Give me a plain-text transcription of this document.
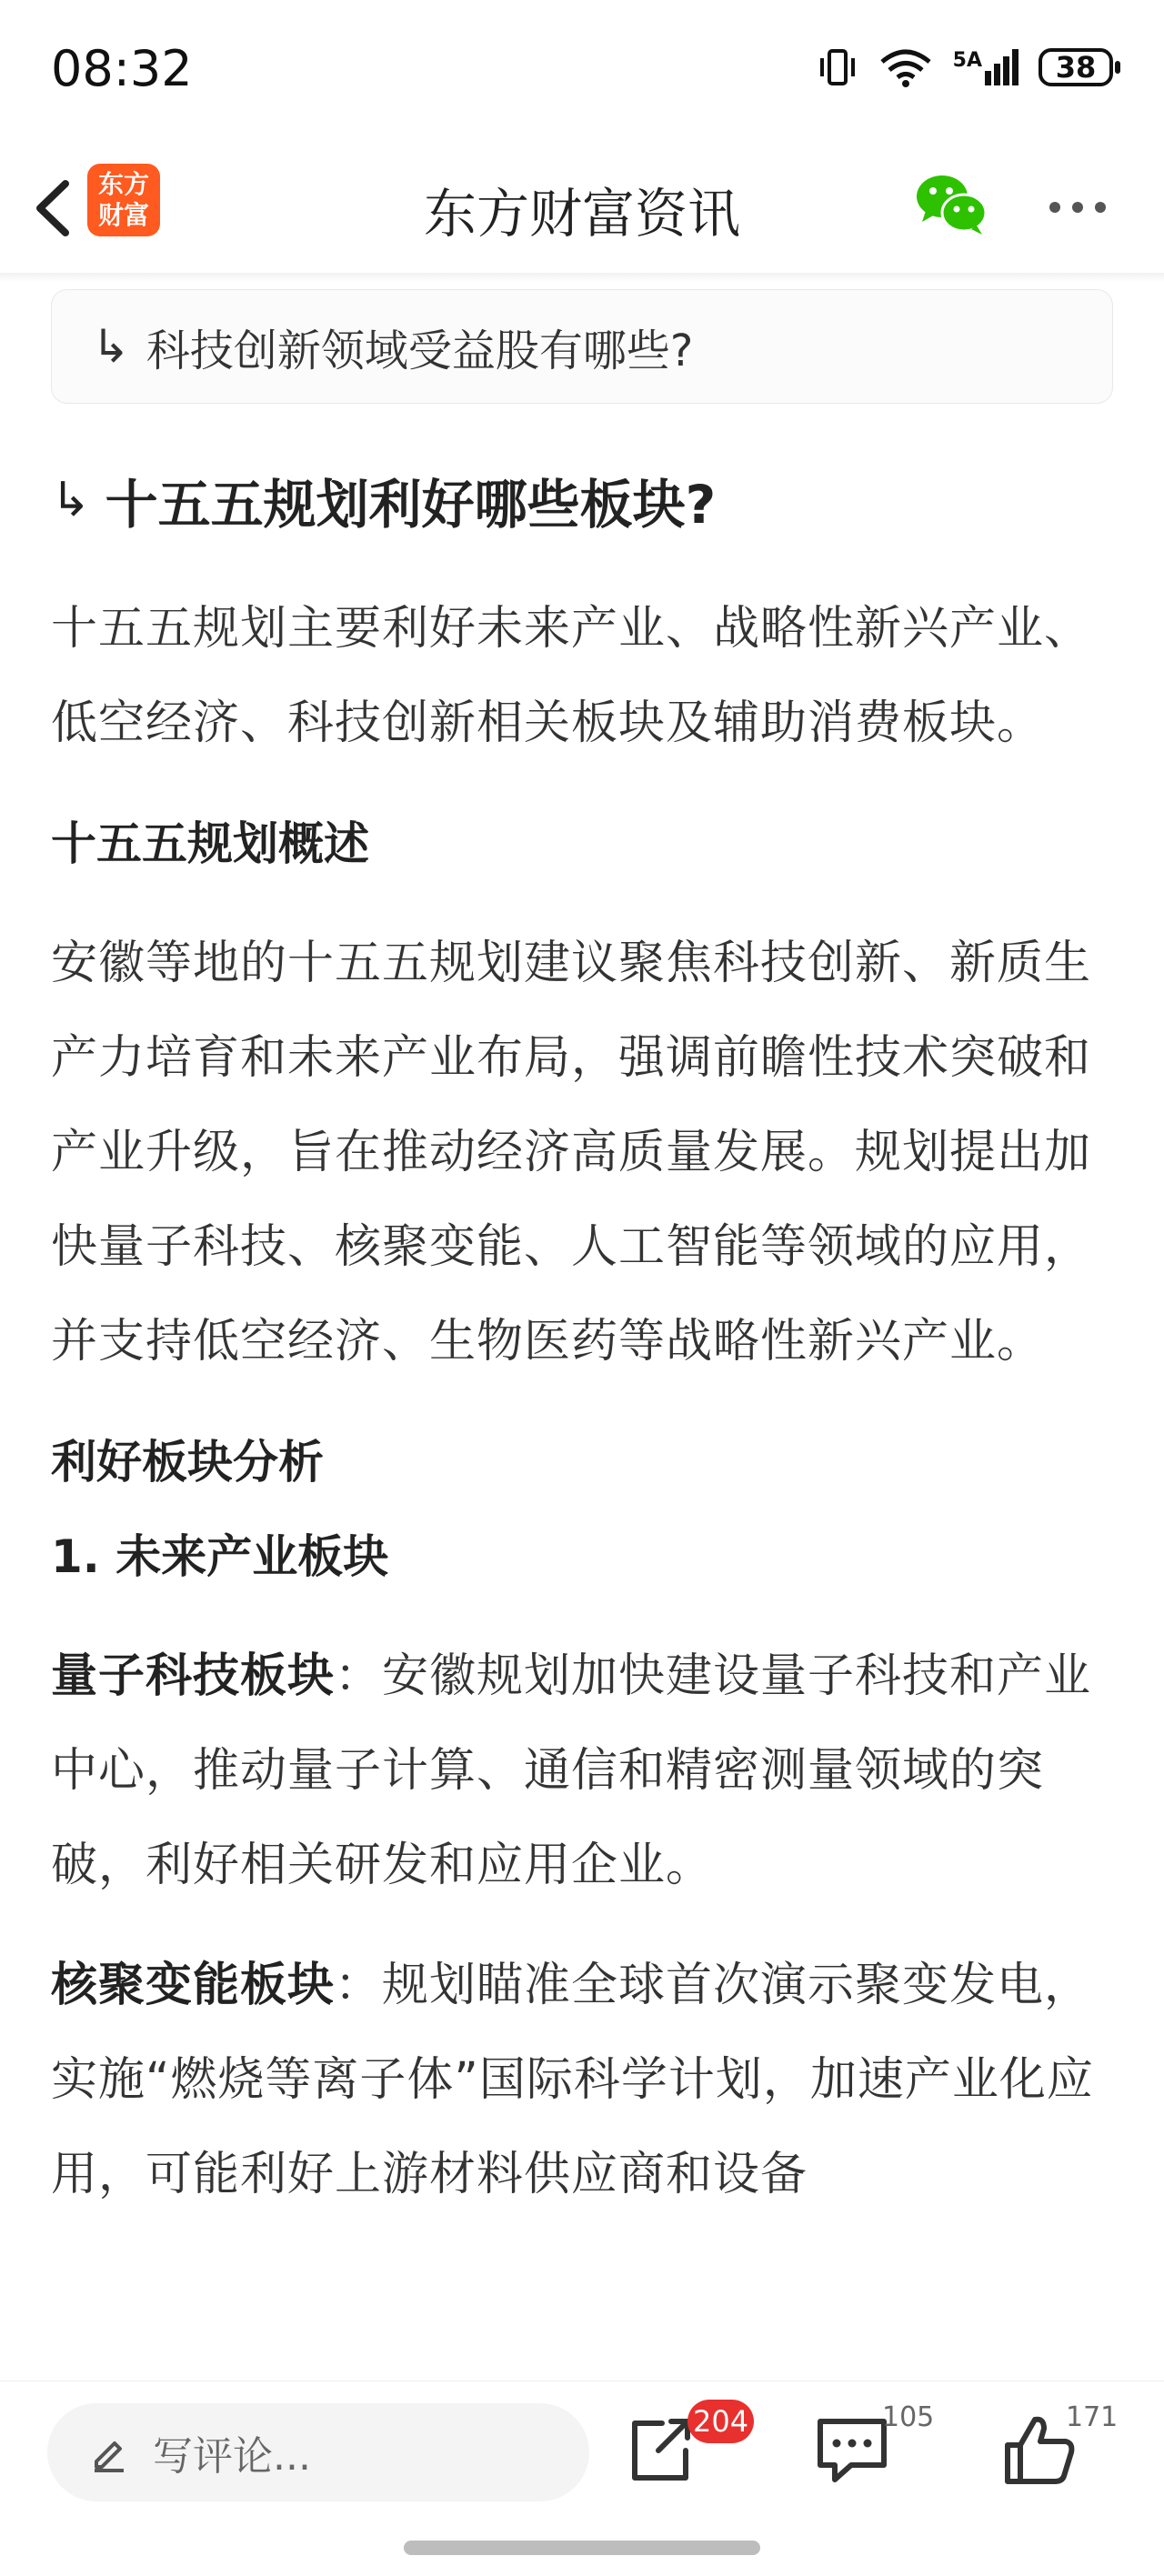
08:32	5A	38
东方
财富	东方财富资讯
↳ 科技创新领域受益股有哪些?
↳ 十五五规划利好哪些板块?

十五五规划主要利好未来产业、战略性新兴产业、低空经济、科技创新相关板块及辅助消费板块。

十五五规划概述

安徽等地的十五五规划建议聚焦科技创新、新质生产力培育和未来产业布局，强调前瞻性技术突破和产业升级，旨在推动经济高质量发展。规划提出加快量子科技、核聚变能、人工智能等领域的应用，并支持低空经济、生物医药等战略性新兴产业。

利好板块分析

1. 未来产业板块

量子科技板块：安徽规划加快建设量子科技和产业中心，推动量子计算、通信和精密测量领域的突破，利好相关研发和应用企业。

核聚变能板块：规划瞄准全球首次演示聚变发电，实施“燃烧等离子体”国际科学计划，加速产业化应用，可能利好上游材料供应商和设备

写评论...
204	105	171
